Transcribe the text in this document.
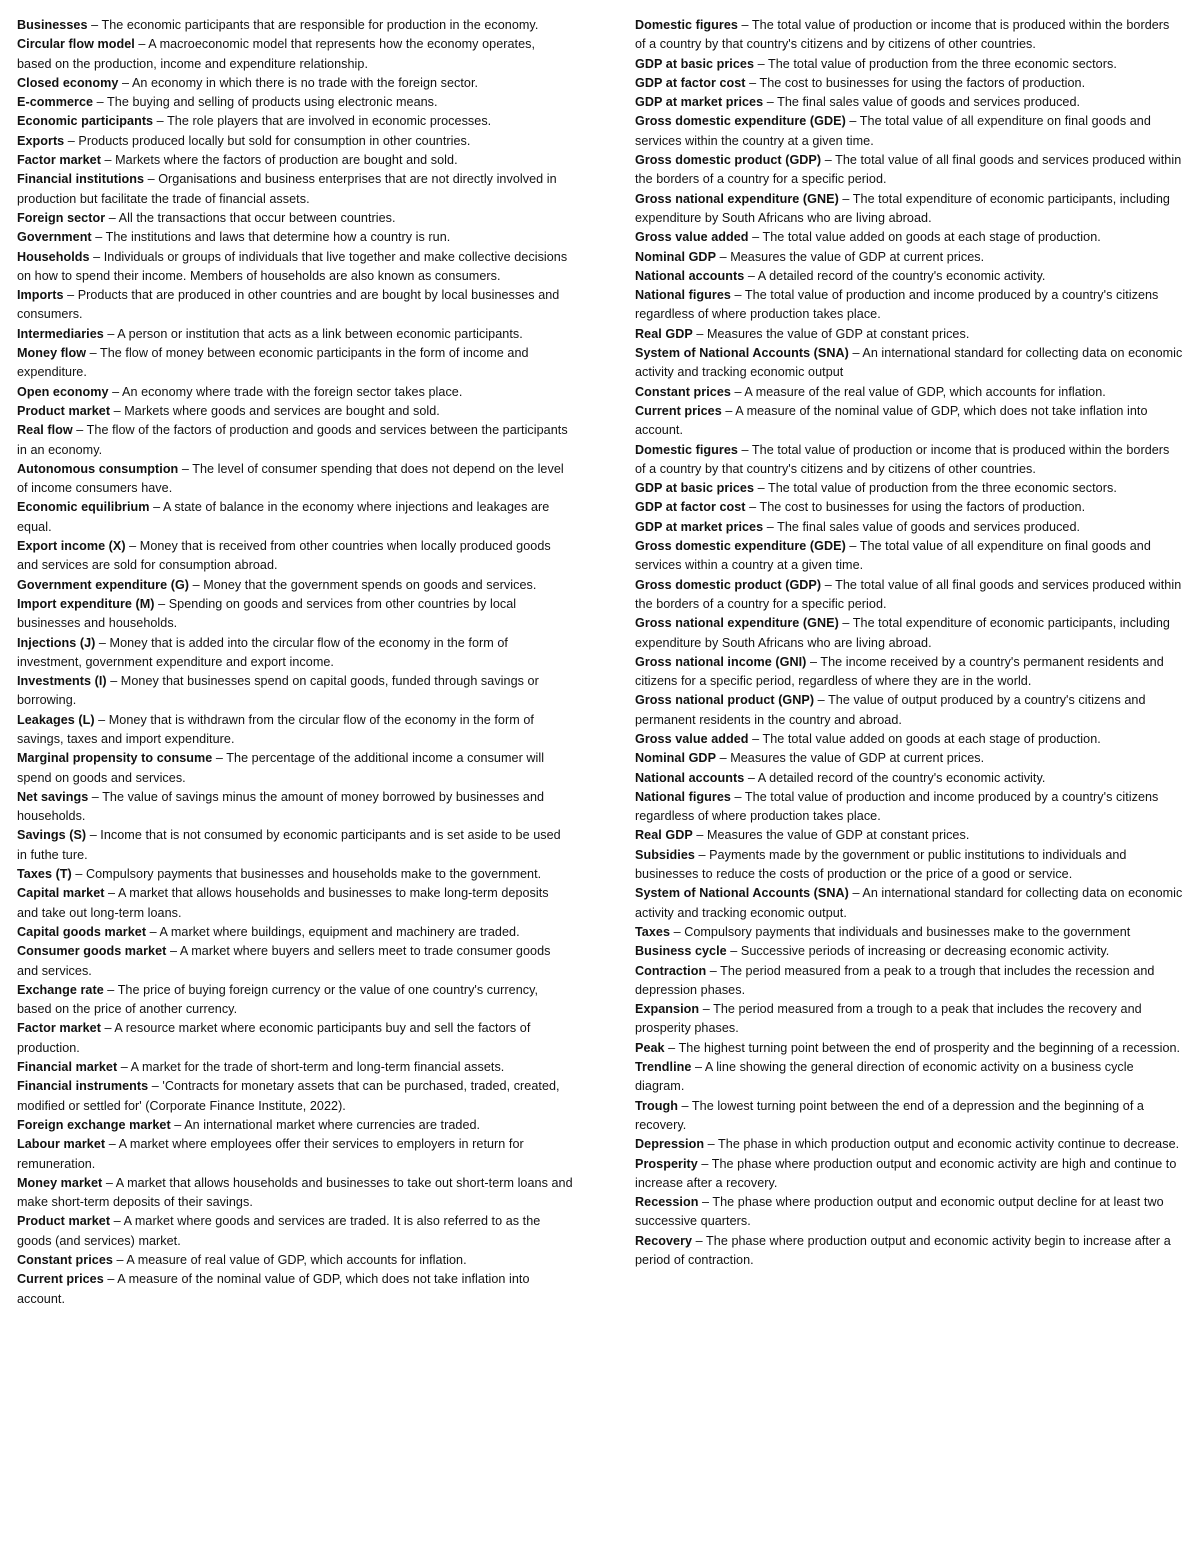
Businesses – The economic participants that are responsible for production in the economy.

Circular flow model – A macroeconomic model that represents how the economy operates, based on the production, income and expenditure relationship.

Closed economy – An economy in which there is no trade with the foreign sector.

E-commerce – The buying and selling of products using electronic means.

Economic participants – The role players that are involved in economic processes.

Exports – Products produced locally but sold for consumption in other countries.

Factor market – Markets where the factors of production are bought and sold.

Financial institutions – Organisations and business enterprises that are not directly involved in production but facilitate the trade of financial assets.

Foreign sector – All the transactions that occur between countries.

Government – The institutions and laws that determine how a country is run.

Households – Individuals or groups of individuals that live together and make collective decisions on how to spend their income. Members of households are also known as consumers.

Imports – Products that are produced in other countries and are bought by local businesses and consumers.

Intermediaries – A person or institution that acts as a link between economic participants.

Money flow – The flow of money between economic participants in the form of income and expenditure.

Open economy – An economy where trade with the foreign sector takes place.

Product market – Markets where goods and services are bought and sold.

Real flow – The flow of the factors of production and goods and services between the participants in an economy.

Autonomous consumption – The level of consumer spending that does not depend on the level of income consumers have.

Economic equilibrium – A state of balance in the economy where injections and leakages are equal.

Export income (X) – Money that is received from other countries when locally produced goods and services are sold for consumption abroad.

Government expenditure (G) – Money that the government spends on goods and services.

Import expenditure (M) – Spending on goods and services from other countries by local businesses and households.

Injections (J) – Money that is added into the circular flow of the economy in the form of investment, government expenditure and export income.

Investments (I) – Money that businesses spend on capital goods, funded through savings or borrowing.

Leakages (L) – Money that is withdrawn from the circular flow of the economy in the form of savings, taxes and import expenditure.

Marginal propensity to consume – The percentage of the additional income a consumer will spend on goods and services.

Net savings – The value of savings minus the amount of money borrowed by businesses and households.

Savings (S) – Income that is not consumed by economic participants and is set aside to be used in futhe ture.

Taxes (T) – Compulsory payments that businesses and households make to the government.

Capital market – A market that allows households and businesses to make long-term deposits and take out long-term loans.

Capital goods market – A market where buildings, equipment and machinery are traded.

Consumer goods market – A market where buyers and sellers meet to trade consumer goods and services.

Exchange rate – The price of buying foreign currency or the value of one country's currency, based on the price of another currency.

Factor market – A resource market where economic participants buy and sell the factors of production.

Financial market – A market for the trade of short-term and long-term financial assets.

Financial instruments – 'Contracts for monetary assets that can be purchased, traded, created, modified or settled for' (Corporate Finance Institute, 2022).

Foreign exchange market – An international market where currencies are traded.

Labour market – A market where employees offer their services to employers in return for remuneration.

Money market – A market that allows households and businesses to take out short-term loans and make short-term deposits of their savings.

Product market – A market where goods and services are traded. It is also referred to as the goods (and services) market.

Constant prices – A measure of real value of GDP, which accounts for inflation.

Current prices – A measure of the nominal value of GDP, which does not take inflation into account.

Domestic figures – The total value of production or income that is produced within the borders of a country by that country's citizens and by citizens of other countries.

GDP at basic prices – The total value of production from the three economic sectors.

GDP at factor cost – The cost to businesses for using the factors of production.

GDP at market prices – The final sales value of goods and services produced.

Gross domestic expenditure (GDE) – The total value of all expenditure on final goods and services within the country at a given time.

Gross domestic product (GDP) – The total value of all final goods and services produced within the borders of a country for a specific period.

Gross national expenditure (GNE) – The total expenditure of economic participants, including expenditure by South Africans who are living abroad.

Gross value added – The total value added on goods at each stage of production.

Nominal GDP – Measures the value of GDP at current prices.

National accounts – A detailed record of the country's economic activity.

National figures – The total value of production and income produced by a country's citizens regardless of where production takes place.

Real GDP – Measures the value of GDP at constant prices.

System of National Accounts (SNA) – An international standard for collecting data on economic activity and tracking economic output

Constant prices – A measure of the real value of GDP, which accounts for inflation.

Current prices – A measure of the nominal value of GDP, which does not take inflation into account.

Domestic figures – The total value of production or income that is produced within the borders of a country by that country's citizens and by citizens of other countries.

GDP at basic prices – The total value of production from the three economic sectors.

GDP at factor cost – The cost to businesses for using the factors of production.

GDP at market prices – The final sales value of goods and services produced.

Gross domestic expenditure (GDE) – The total value of all expenditure on final goods and services within a country at a given time.

Gross domestic product (GDP) – The total value of all final goods and services produced within the borders of a country for a specific period.

Gross national expenditure (GNE) – The total expenditure of economic participants, including expenditure by South Africans who are living abroad.

Gross national income (GNI) – The income received by a country's permanent residents and citizens for a specific period, regardless of where they are in the world.

Gross national product (GNP) – The value of output produced by a country's citizens and permanent residents in the country and abroad.

Gross value added – The total value added on goods at each stage of production.

Nominal GDP – Measures the value of GDP at current prices.

National accounts – A detailed record of the country's economic activity.

National figures – The total value of production and income produced by a country's citizens regardless of where production takes place.

Real GDP – Measures the value of GDP at constant prices.

Subsidies – Payments made by the government or public institutions to individuals and businesses to reduce the costs of production or the price of a good or service.

System of National Accounts (SNA) – An international standard for collecting data on economic activity and tracking economic output.

Taxes – Compulsory payments that individuals and businesses make to the government

Business cycle – Successive periods of increasing or decreasing economic activity.

Contraction – The period measured from a peak to a trough that includes the recession and depression phases.

Expansion – The period measured from a trough to a peak that includes the recovery and prosperity phases.

Peak – The highest turning point between the end of prosperity and the beginning of a recession.

Trendline – A line showing the general direction of economic activity on a business cycle diagram.

Trough – The lowest turning point between the end of a depression and the beginning of a recovery.

Depression – The phase in which production output and economic activity continue to decrease.

Prosperity – The phase where production output and economic activity are high and continue to increase after a recovery.

Recession – The phase where production output and economic output decline for at least two successive quarters.

Recovery – The phase where production output and economic activity begin to increase after a period of contraction.
